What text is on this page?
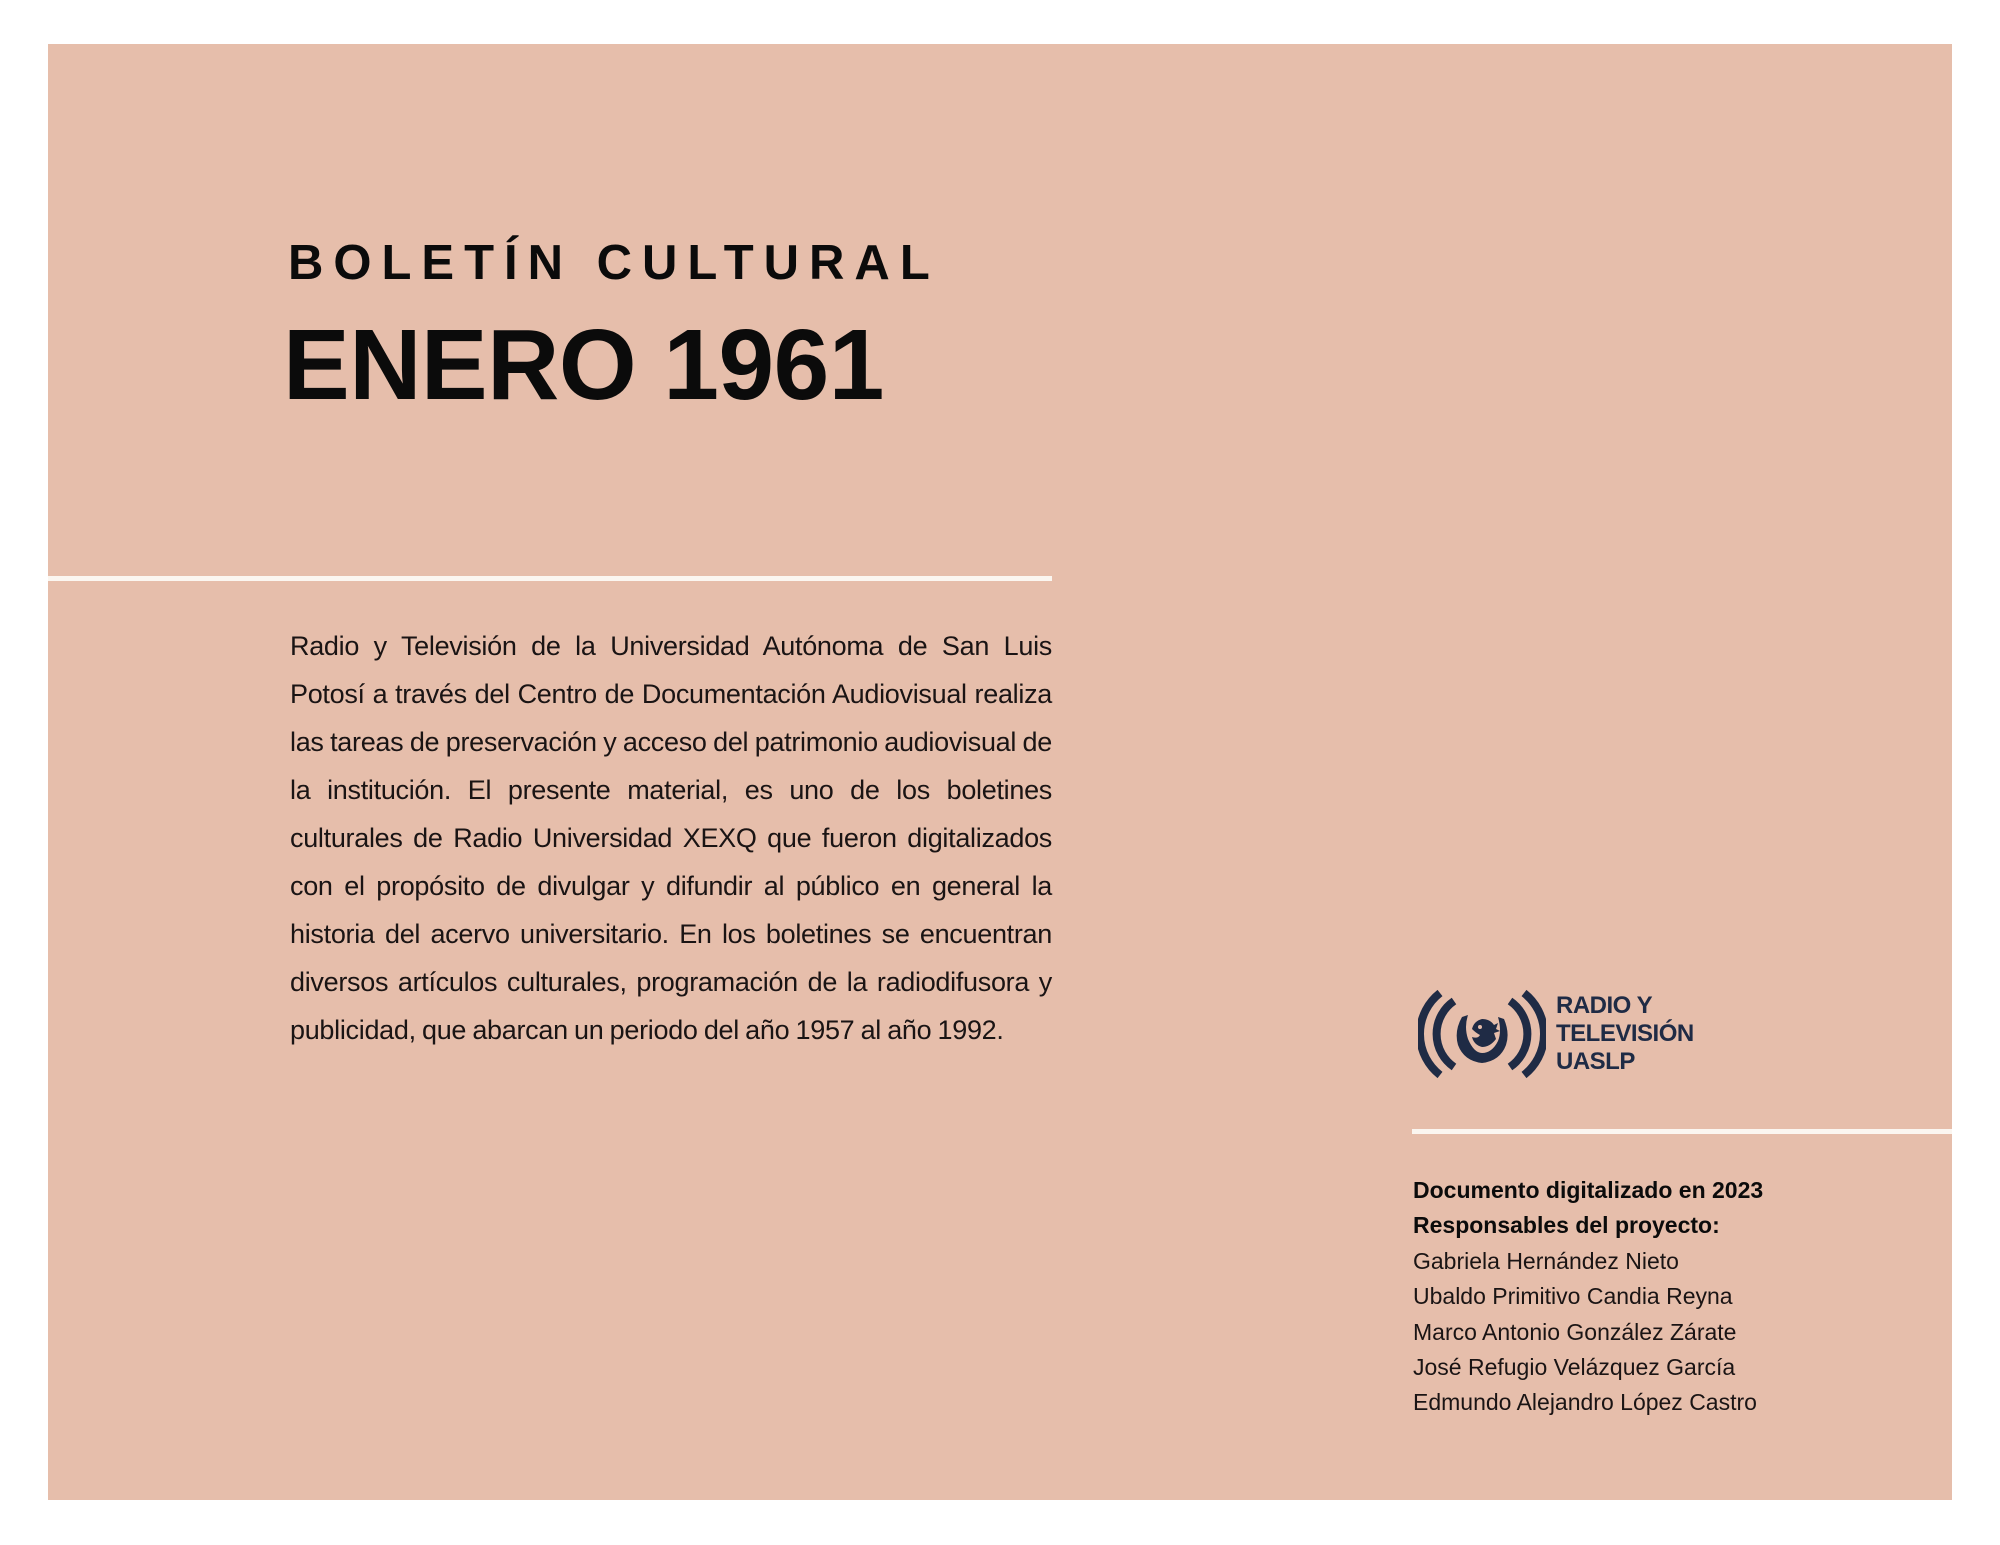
BOLETÍN CULTURAL
ENERO 1961
Radio y Televisión de la Universidad Autónoma de San Luis Potosí a través del Centro de Documentación Audiovisual realiza las tareas de preservación y acceso del patrimonio audiovisual de la institución. El presente material, es uno de los boletines culturales de Radio Universidad XEXQ que fueron digitalizados con el propósito de divulgar y difundir al público en general la historia del acervo universitario. En los boletines se encuentran diversos artículos culturales, programación de la radiodifusora y publicidad, que abarcan un periodo del año 1957 al año 1992.
RADIO Y
TELEVISIÓN
UASLP
Documento digitalizado en 2023
Responsables del proyecto:
Gabriela Hernández Nieto
Ubaldo Primitivo Candia Reyna
Marco Antonio González Zárate
José Refugio Velázquez García
Edmundo Alejandro López Castro
